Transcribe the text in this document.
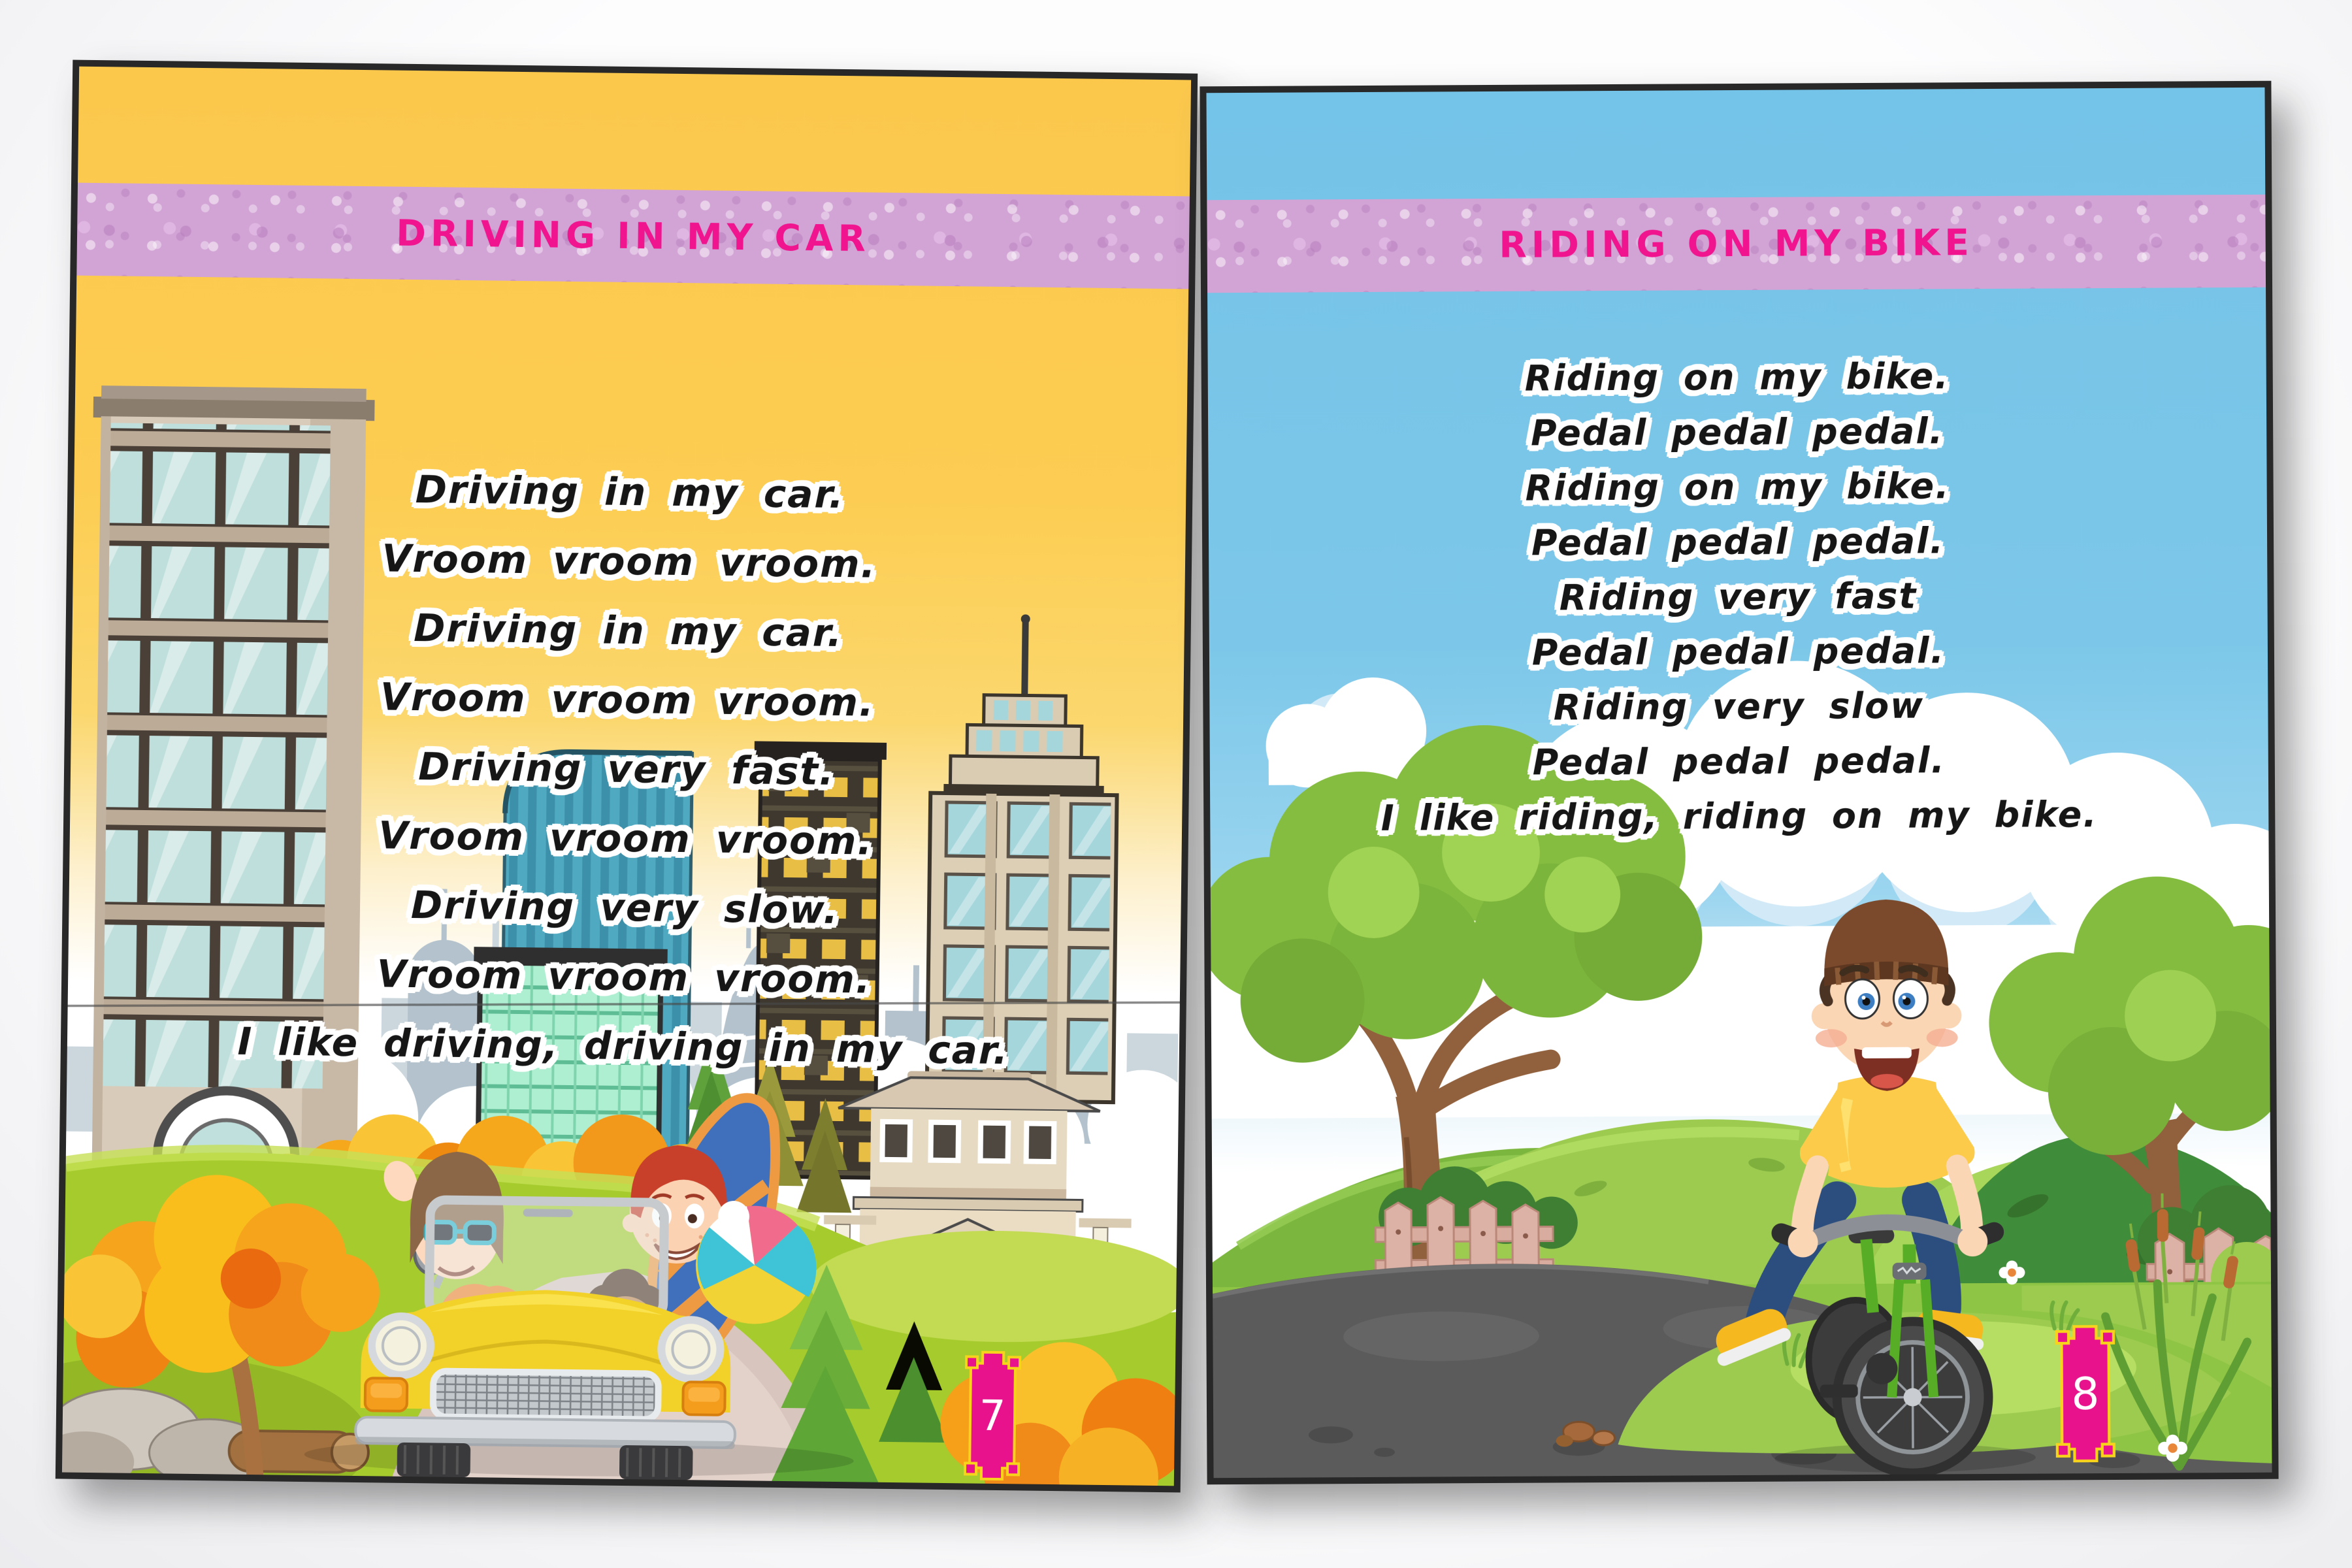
DRIVING IN MY CAR
Driving in my car.
Vroom vroom vroom.
Driving in my car.
Vroom vroom vroom.
Driving very fast.
Vroom vroom vroom.
Driving very slow.
Vroom vroom vroom.
I like driving, driving in my car.
7
RIDING ON MY BIKE
Riding on my bike.
Pedal pedal pedal.
Riding on my bike.
Pedal pedal pedal.
Riding very fast
Pedal pedal pedal.
Riding very slow
Pedal pedal pedal.
I like riding, riding on my bike.
8
